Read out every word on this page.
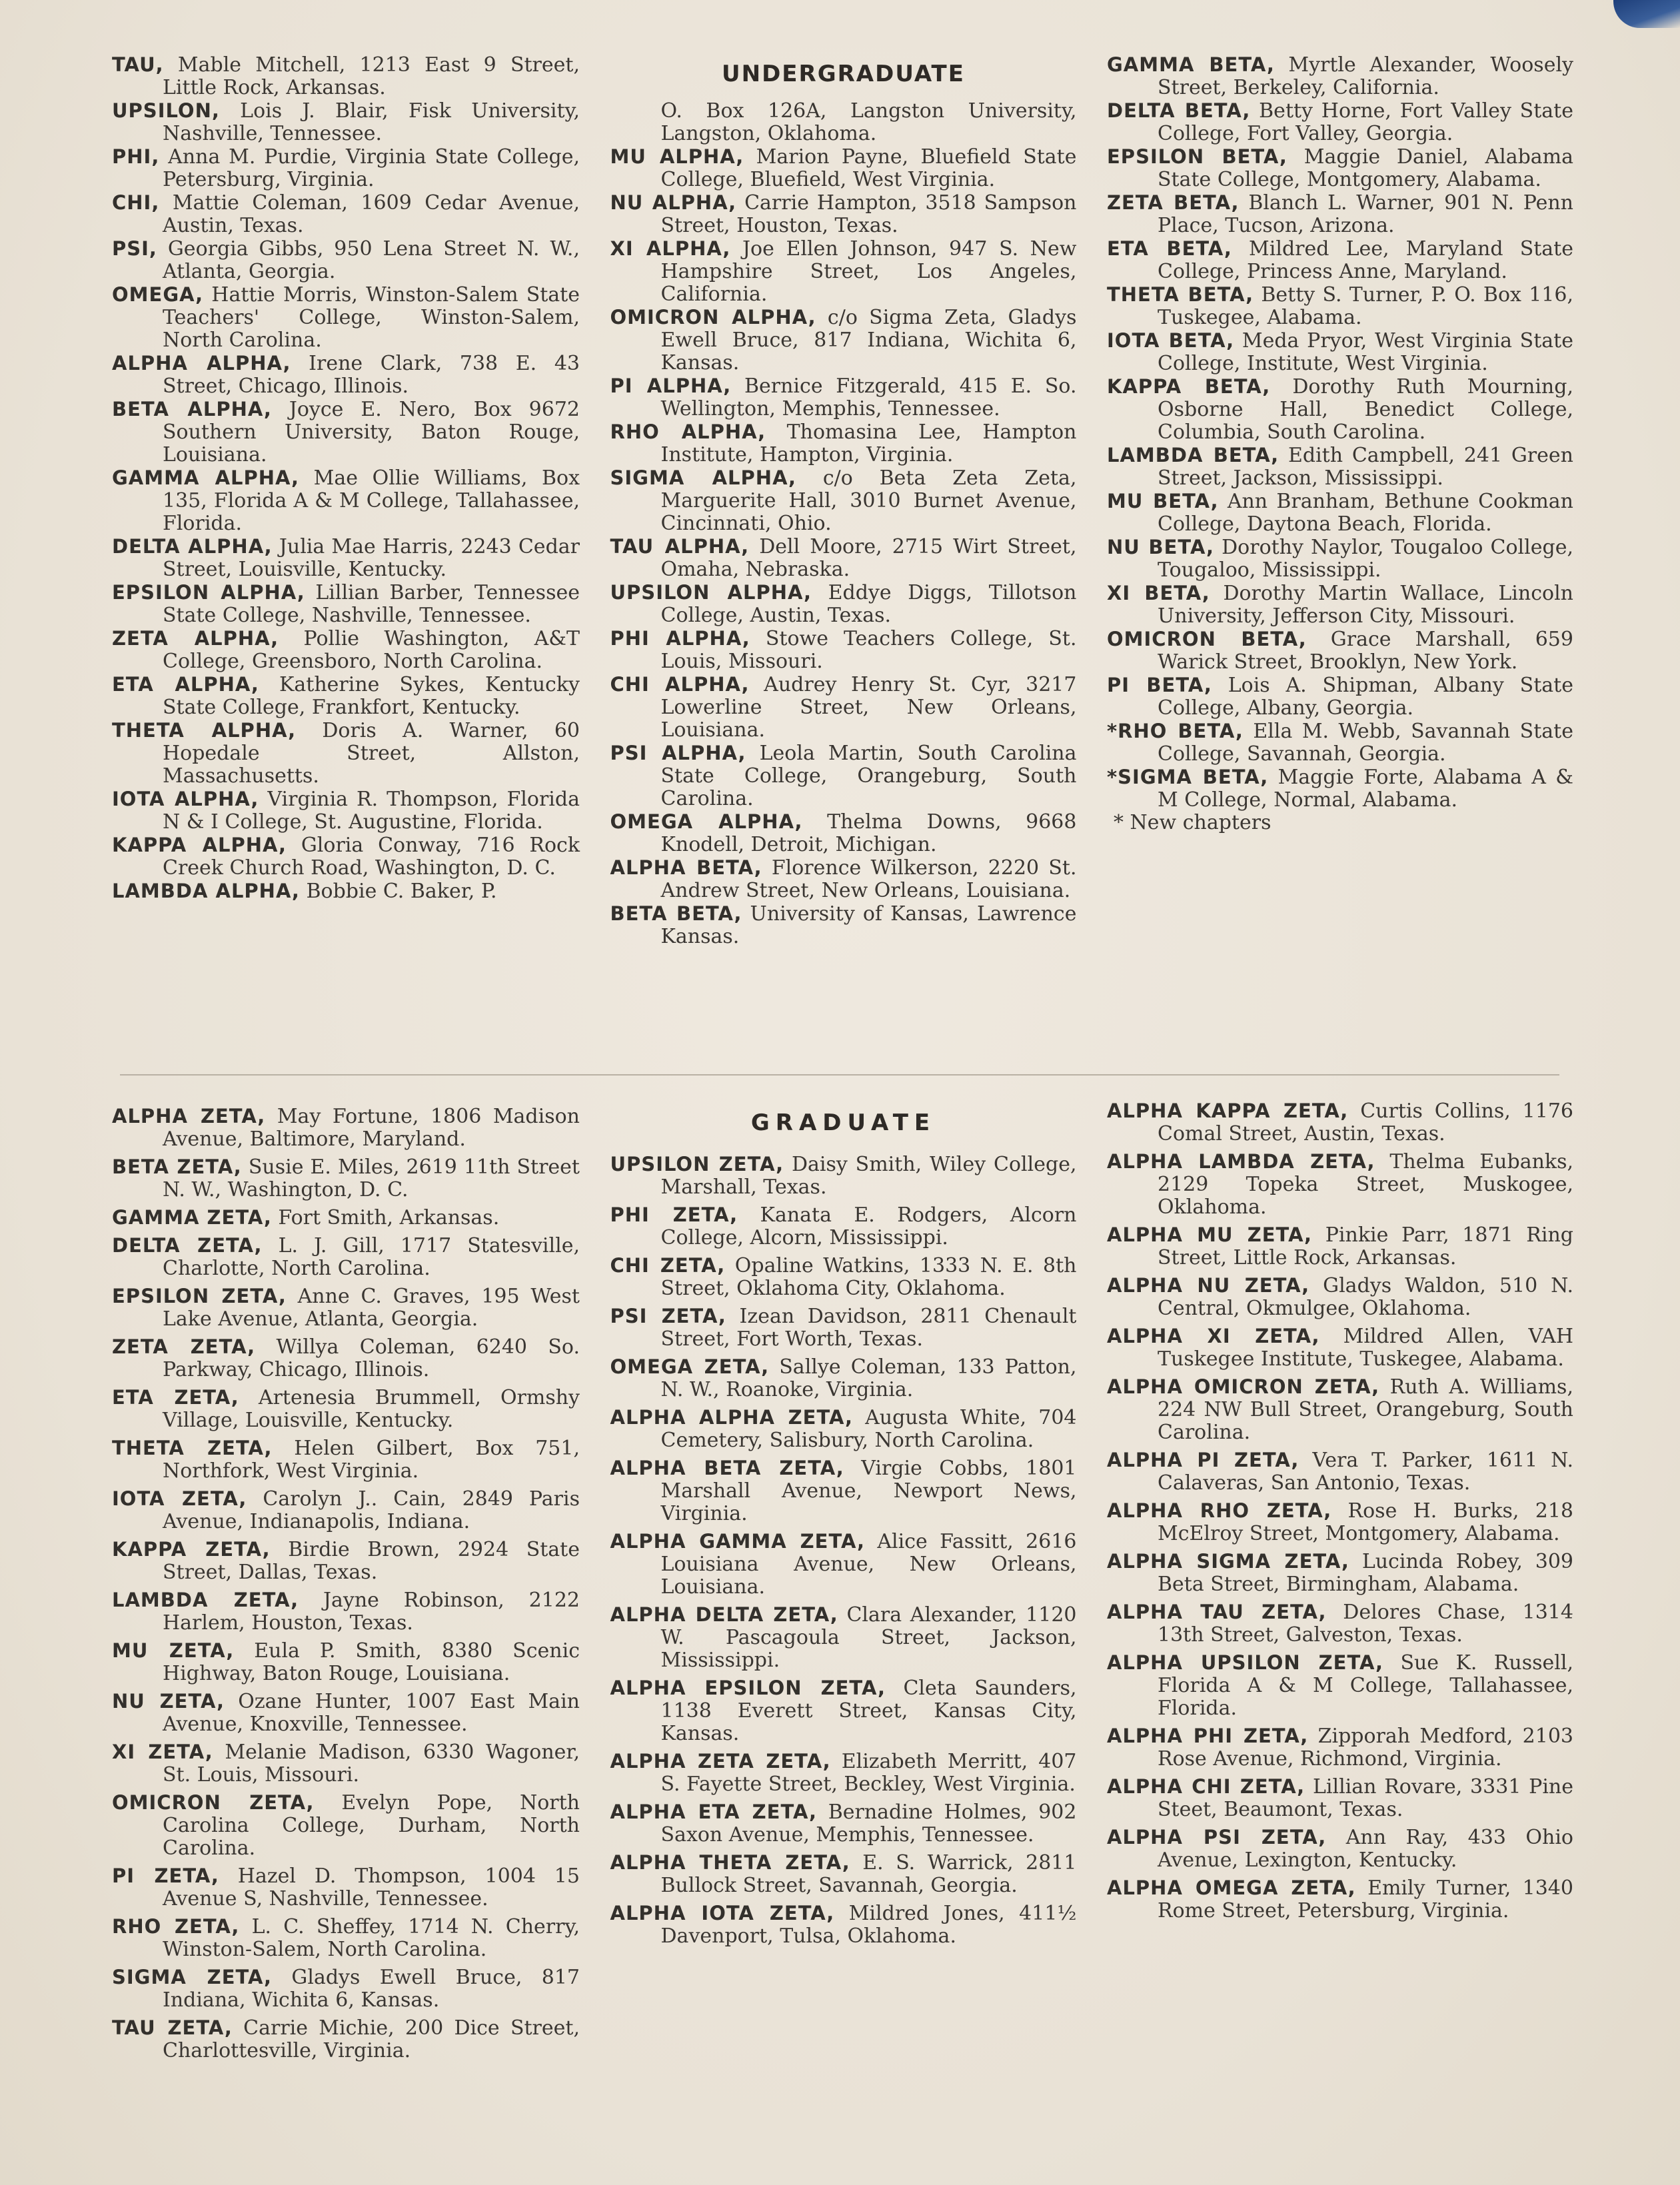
TAU, Mable Mitchell, 1213 East 9 Street, Little Rock, Arkansas.
UPSILON, Lois J. Blair, Fisk University, Nashville, Tennessee.
PHI, Anna M. Purdie, Virginia State College, Petersburg, Virginia.
CHI, Mattie Coleman, 1609 Cedar Avenue, Austin, Texas.
PSI, Georgia Gibbs, 950 Lena Street N. W., Atlanta, Georgia.
OMEGA, Hattie Morris, Winston-Salem State Teachers' College, Winston-Salem, North Carolina.
ALPHA ALPHA, Irene Clark, 738 E. 43 Street, Chicago, Illinois.
BETA ALPHA, Joyce E. Nero, Box 9672 Southern University, Baton Rouge, Louisiana.
GAMMA ALPHA, Mae Ollie Williams, Box 135, Florida A & M College, Tallahassee, Florida.
DELTA ALPHA, Julia Mae Harris, 2243 Cedar Street, Louisville, Kentucky.
EPSILON ALPHA, Lillian Barber, Tennessee State College, Nashville, Tennessee.
ZETA ALPHA, Pollie Washington, A&T College, Greensboro, North Carolina.
ETA ALPHA, Katherine Sykes, Kentucky State College, Frankfort, Kentucky.
THETA ALPHA, Doris A. Warner, 60 Hopedale Street, Allston, Massachusetts.
IOTA ALPHA, Virginia R. Thompson, Florida N & I College, St. Augustine, Florida.
KAPPA ALPHA, Gloria Conway, 716 Rock Creek Church Road, Washington, D. C.
LAMBDA ALPHA, Bobbie C. Baker, P.
UNDERGRADUATE
O. Box 126A, Langston University, Langston, Oklahoma.
MU ALPHA, Marion Payne, Bluefield State College, Bluefield, West Virginia.
NU ALPHA, Carrie Hampton, 3518 Sampson Street, Houston, Texas.
XI ALPHA, Joe Ellen Johnson, 947 S. New Hampshire Street, Los Angeles, California.
OMICRON ALPHA, c/o Sigma Zeta, Gladys Ewell Bruce, 817 Indiana, Wichita 6, Kansas.
PI ALPHA, Bernice Fitzgerald, 415 E. So. Wellington, Memphis, Tennessee.
RHO ALPHA, Thomasina Lee, Hampton Institute, Hampton, Virginia.
SIGMA ALPHA, c/o Beta Zeta Zeta, Marguerite Hall, 3010 Burnet Avenue, Cincinnati, Ohio.
TAU ALPHA, Dell Moore, 2715 Wirt Street, Omaha, Nebraska.
UPSILON ALPHA, Eddye Diggs, Tillotson College, Austin, Texas.
PHI ALPHA, Stowe Teachers College, St. Louis, Missouri.
CHI ALPHA, Audrey Henry St. Cyr, 3217 Lowerline Street, New Orleans, Louisiana.
PSI ALPHA, Leola Martin, South Carolina State College, Orangeburg, South Carolina.
OMEGA ALPHA, Thelma Downs, 9668 Knodell, Detroit, Michigan.
ALPHA BETA, Florence Wilkerson, 2220 St. Andrew Street, New Orleans, Louisiana.
BETA BETA, University of Kansas, Lawrence Kansas.
GAMMA BETA, Myrtle Alexander, Woosely Street, Berkeley, California.
DELTA BETA, Betty Horne, Fort Valley State College, Fort Valley, Georgia.
EPSILON BETA, Maggie Daniel, Alabama State College, Montgomery, Alabama.
ZETA BETA, Blanch L. Warner, 901 N. Penn Place, Tucson, Arizona.
ETA BETA, Mildred Lee, Maryland State College, Princess Anne, Maryland.
THETA BETA, Betty S. Turner, P. O. Box 116, Tuskegee, Alabama.
IOTA BETA, Meda Pryor, West Virginia State College, Institute, West Virginia.
KAPPA BETA, Dorothy Ruth Mourning, Osborne Hall, Benedict College, Columbia, South Carolina.
LAMBDA BETA, Edith Campbell, 241 Green Street, Jackson, Mississippi.
MU BETA, Ann Branham, Bethune Cookman College, Daytona Beach, Florida.
NU BETA, Dorothy Naylor, Tougaloo College, Tougaloo, Mississippi.
XI BETA, Dorothy Martin Wallace, Lincoln University, Jefferson City, Missouri.
OMICRON BETA, Grace Marshall, 659 Warick Street, Brooklyn, New York.
PI BETA, Lois A. Shipman, Albany State College, Albany, Georgia.
*RHO BETA, Ella M. Webb, Savannah State College, Savannah, Georgia.
*SIGMA BETA, Maggie Forte, Alabama A & M College, Normal, Alabama.
* New chapters
ALPHA ZETA, May Fortune, 1806 Madison Avenue, Baltimore, Maryland.
BETA ZETA, Susie E. Miles, 2619 11th Street N. W., Washington, D. C.
GAMMA ZETA, Fort Smith, Arkansas.
DELTA ZETA, L. J. Gill, 1717 Statesville, Charlotte, North Carolina.
EPSILON ZETA, Anne C. Graves, 195 West Lake Avenue, Atlanta, Georgia.
ZETA ZETA, Willya Coleman, 6240 So. Parkway, Chicago, Illinois.
ETA ZETA, Artenesia Brummell, Ormshy Village, Louisville, Kentucky.
THETA ZETA, Helen Gilbert, Box 751, Northfork, West Virginia.
IOTA ZETA, Carolyn J.. Cain, 2849 Paris Avenue, Indianapolis, Indiana.
KAPPA ZETA, Birdie Brown, 2924 State Street, Dallas, Texas.
LAMBDA ZETA, Jayne Robinson, 2122 Harlem, Houston, Texas.
MU ZETA, Eula P. Smith, 8380 Scenic Highway, Baton Rouge, Louisiana.
NU ZETA, Ozane Hunter, 1007 East Main Avenue, Knoxville, Tennessee.
XI ZETA, Melanie Madison, 6330 Wagoner, St. Louis, Missouri.
OMICRON ZETA, Evelyn Pope, North Carolina College, Durham, North Carolina.
PI ZETA, Hazel D. Thompson, 1004 15 Avenue S, Nashville, Tennessee.
RHO ZETA, L. C. Sheffey, 1714 N. Cherry, Winston-Salem, North Carolina.
SIGMA ZETA, Gladys Ewell Bruce, 817 Indiana, Wichita 6, Kansas.
TAU ZETA, Carrie Michie, 200 Dice Street, Charlottesville, Virginia.
GRADUATE
UPSILON ZETA, Daisy Smith, Wiley College, Marshall, Texas.
PHI ZETA, Kanata E. Rodgers, Alcorn College, Alcorn, Mississippi.
CHI ZETA, Opaline Watkins, 1333 N. E. 8th Street, Oklahoma City, Oklahoma.
PSI ZETA, Izean Davidson, 2811 Chenault Street, Fort Worth, Texas.
OMEGA ZETA, Sallye Coleman, 133 Patton, N. W., Roanoke, Virginia.
ALPHA ALPHA ZETA, Augusta White, 704 Cemetery, Salisbury, North Carolina.
ALPHA BETA ZETA, Virgie Cobbs, 1801 Marshall Avenue, Newport News, Virginia.
ALPHA GAMMA ZETA, Alice Fassitt, 2616 Louisiana Avenue, New Orleans, Louisiana.
ALPHA DELTA ZETA, Clara Alexander, 1120 W. Pascagoula Street, Jackson, Mississippi.
ALPHA EPSILON ZETA, Cleta Saunders, 1138 Everett Street, Kansas City, Kansas.
ALPHA ZETA ZETA, Elizabeth Merritt, 407 S. Fayette Street, Beckley, West Virginia.
ALPHA ETA ZETA, Bernadine Holmes, 902 Saxon Avenue, Memphis, Tennessee.
ALPHA THETA ZETA, E. S. Warrick, 2811 Bullock Street, Savannah, Georgia.
ALPHA IOTA ZETA, Mildred Jones, 411½ Davenport, Tulsa, Oklahoma.
ALPHA KAPPA ZETA, Curtis Collins, 1176 Comal Street, Austin, Texas.
ALPHA LAMBDA ZETA, Thelma Eubanks, 2129 Topeka Street, Muskogee, Oklahoma.
ALPHA MU ZETA, Pinkie Parr, 1871 Ring Street, Little Rock, Arkansas.
ALPHA NU ZETA, Gladys Waldon, 510 N. Central, Okmulgee, Oklahoma.
ALPHA XI ZETA, Mildred Allen, VAH Tuskegee Institute, Tuskegee, Alabama.
ALPHA OMICRON ZETA, Ruth A. Williams, 224 NW Bull Street, Orangeburg, South Carolina.
ALPHA PI ZETA, Vera T. Parker, 1611 N. Calaveras, San Antonio, Texas.
ALPHA RHO ZETA, Rose H. Burks, 218 McElroy Street, Montgomery, Alabama.
ALPHA SIGMA ZETA, Lucinda Robey, 309 Beta Street, Birmingham, Alabama.
ALPHA TAU ZETA, Delores Chase, 1314 13th Street, Galveston, Texas.
ALPHA UPSILON ZETA, Sue K. Russell, Florida A & M College, Tallahassee, Florida.
ALPHA PHI ZETA, Zipporah Medford, 2103 Rose Avenue, Richmond, Virginia.
ALPHA CHI ZETA, Lillian Rovare, 3331 Pine Steet, Beaumont, Texas.
ALPHA PSI ZETA, Ann Ray, 433 Ohio Avenue, Lexington, Kentucky.
ALPHA OMEGA ZETA, Emily Turner, 1340 Rome Street, Petersburg, Virginia.
